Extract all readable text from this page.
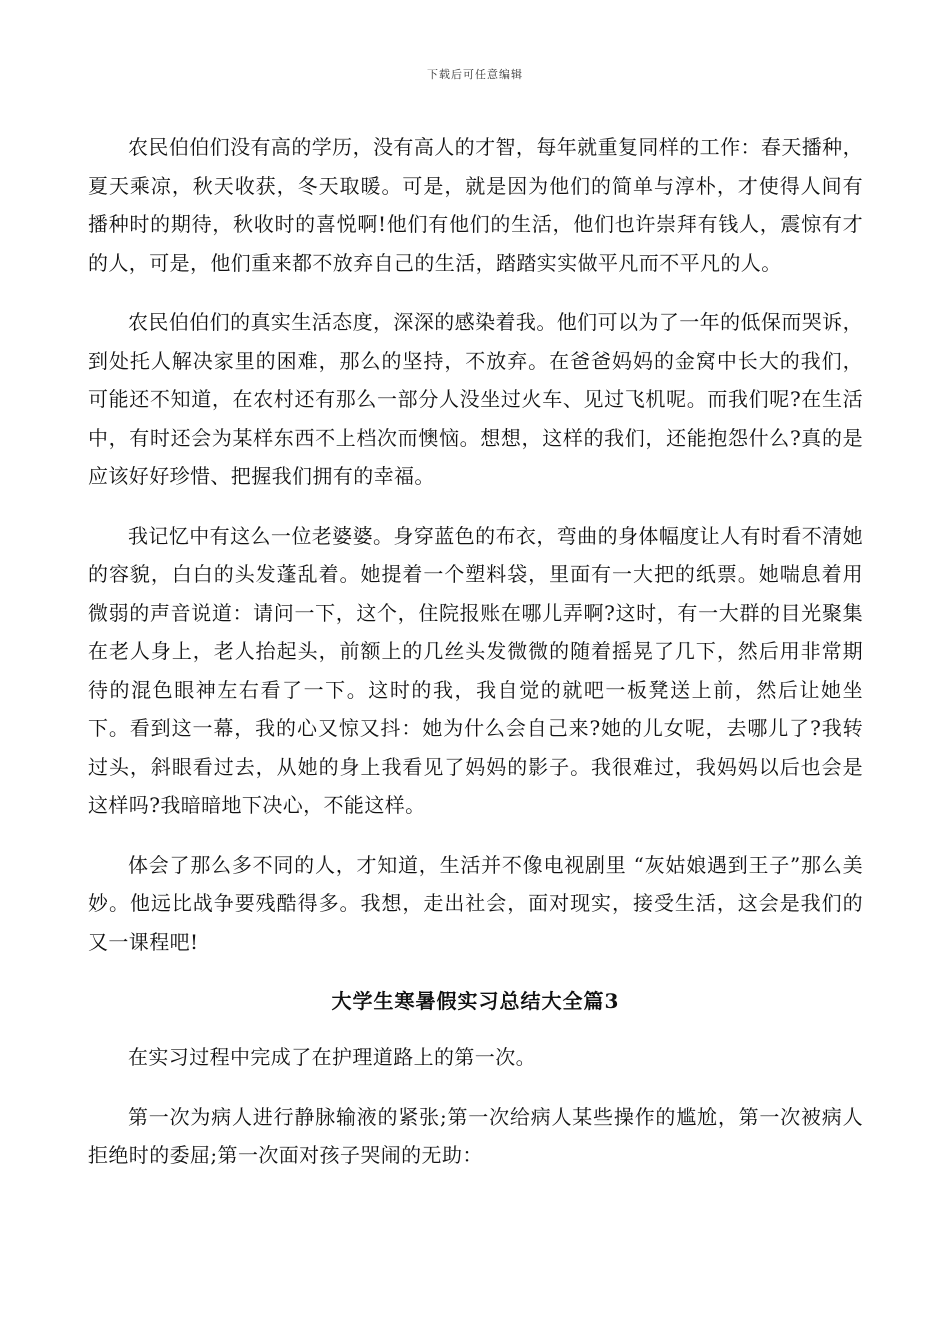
下载后可任意编辑

农民伯伯们没有高的学历，没有高人的才智，每年就重复同样的工作：春天播种，夏天乘凉，秋天收获，冬天取暖。可是，就是因为他们的简单与淳朴，才使得人间有播种时的期待，秋收时的喜悦啊!他们有他们的生活，他们也许崇拜有钱人，震惊有才的人，可是，他们重来都不放弃自己的生活，踏踏实实做平凡而不平凡的人。

农民伯伯们的真实生活态度，深深的感染着我。他们可以为了一年的低保而哭诉，到处托人解决家里的困难，那么的坚持，不放弃。在爸爸妈妈的金窝中长大的我们，可能还不知道，在农村还有那么一部分人没坐过火车、见过飞机呢。而我们呢?在生活中，有时还会为某样东西不上档次而懊恼。想想，这样的我们，还能抱怨什么?真的是应该好好珍惜、把握我们拥有的幸福。

我记忆中有这么一位老婆婆。身穿蓝色的布衣，弯曲的身体幅度让人有时看不清她的容貌，白白的头发蓬乱着。她提着一个塑料袋，里面有一大把的纸票。她喘息着用微弱的声音说道：请问一下，这个，住院报账在哪儿弄啊?这时，有一大群的目光聚集在老人身上，老人抬起头，前额上的几丝头发微微的随着摇晃了几下，然后用非常期待的混色眼神左右看了一下。这时的我，我自觉的就吧一板凳送上前，然后让她坐下。看到这一幕，我的心又惊又抖：她为什么会自己来?她的儿女呢，去哪儿了?我转过头，斜眼看过去，从她的身上我看见了妈妈的影子。我很难过，我妈妈以后也会是这样吗?我暗暗地下决心，不能这样。

体会了那么多不同的人，才知道，生活并不像电视剧里 “灰姑娘遇到王子”那么美妙。他远比战争要残酷得多。我想，走出社会，面对现实，接受生活，这会是我们的又一课程吧!

大学生寒暑假实习总结大全篇3

在实习过程中完成了在护理道路上的第一次。

第一次为病人进行静脉输液的紧张;第一次给病人某些操作的尴尬，第一次被病人拒绝时的委屈;第一次面对孩子哭闹的无助：
